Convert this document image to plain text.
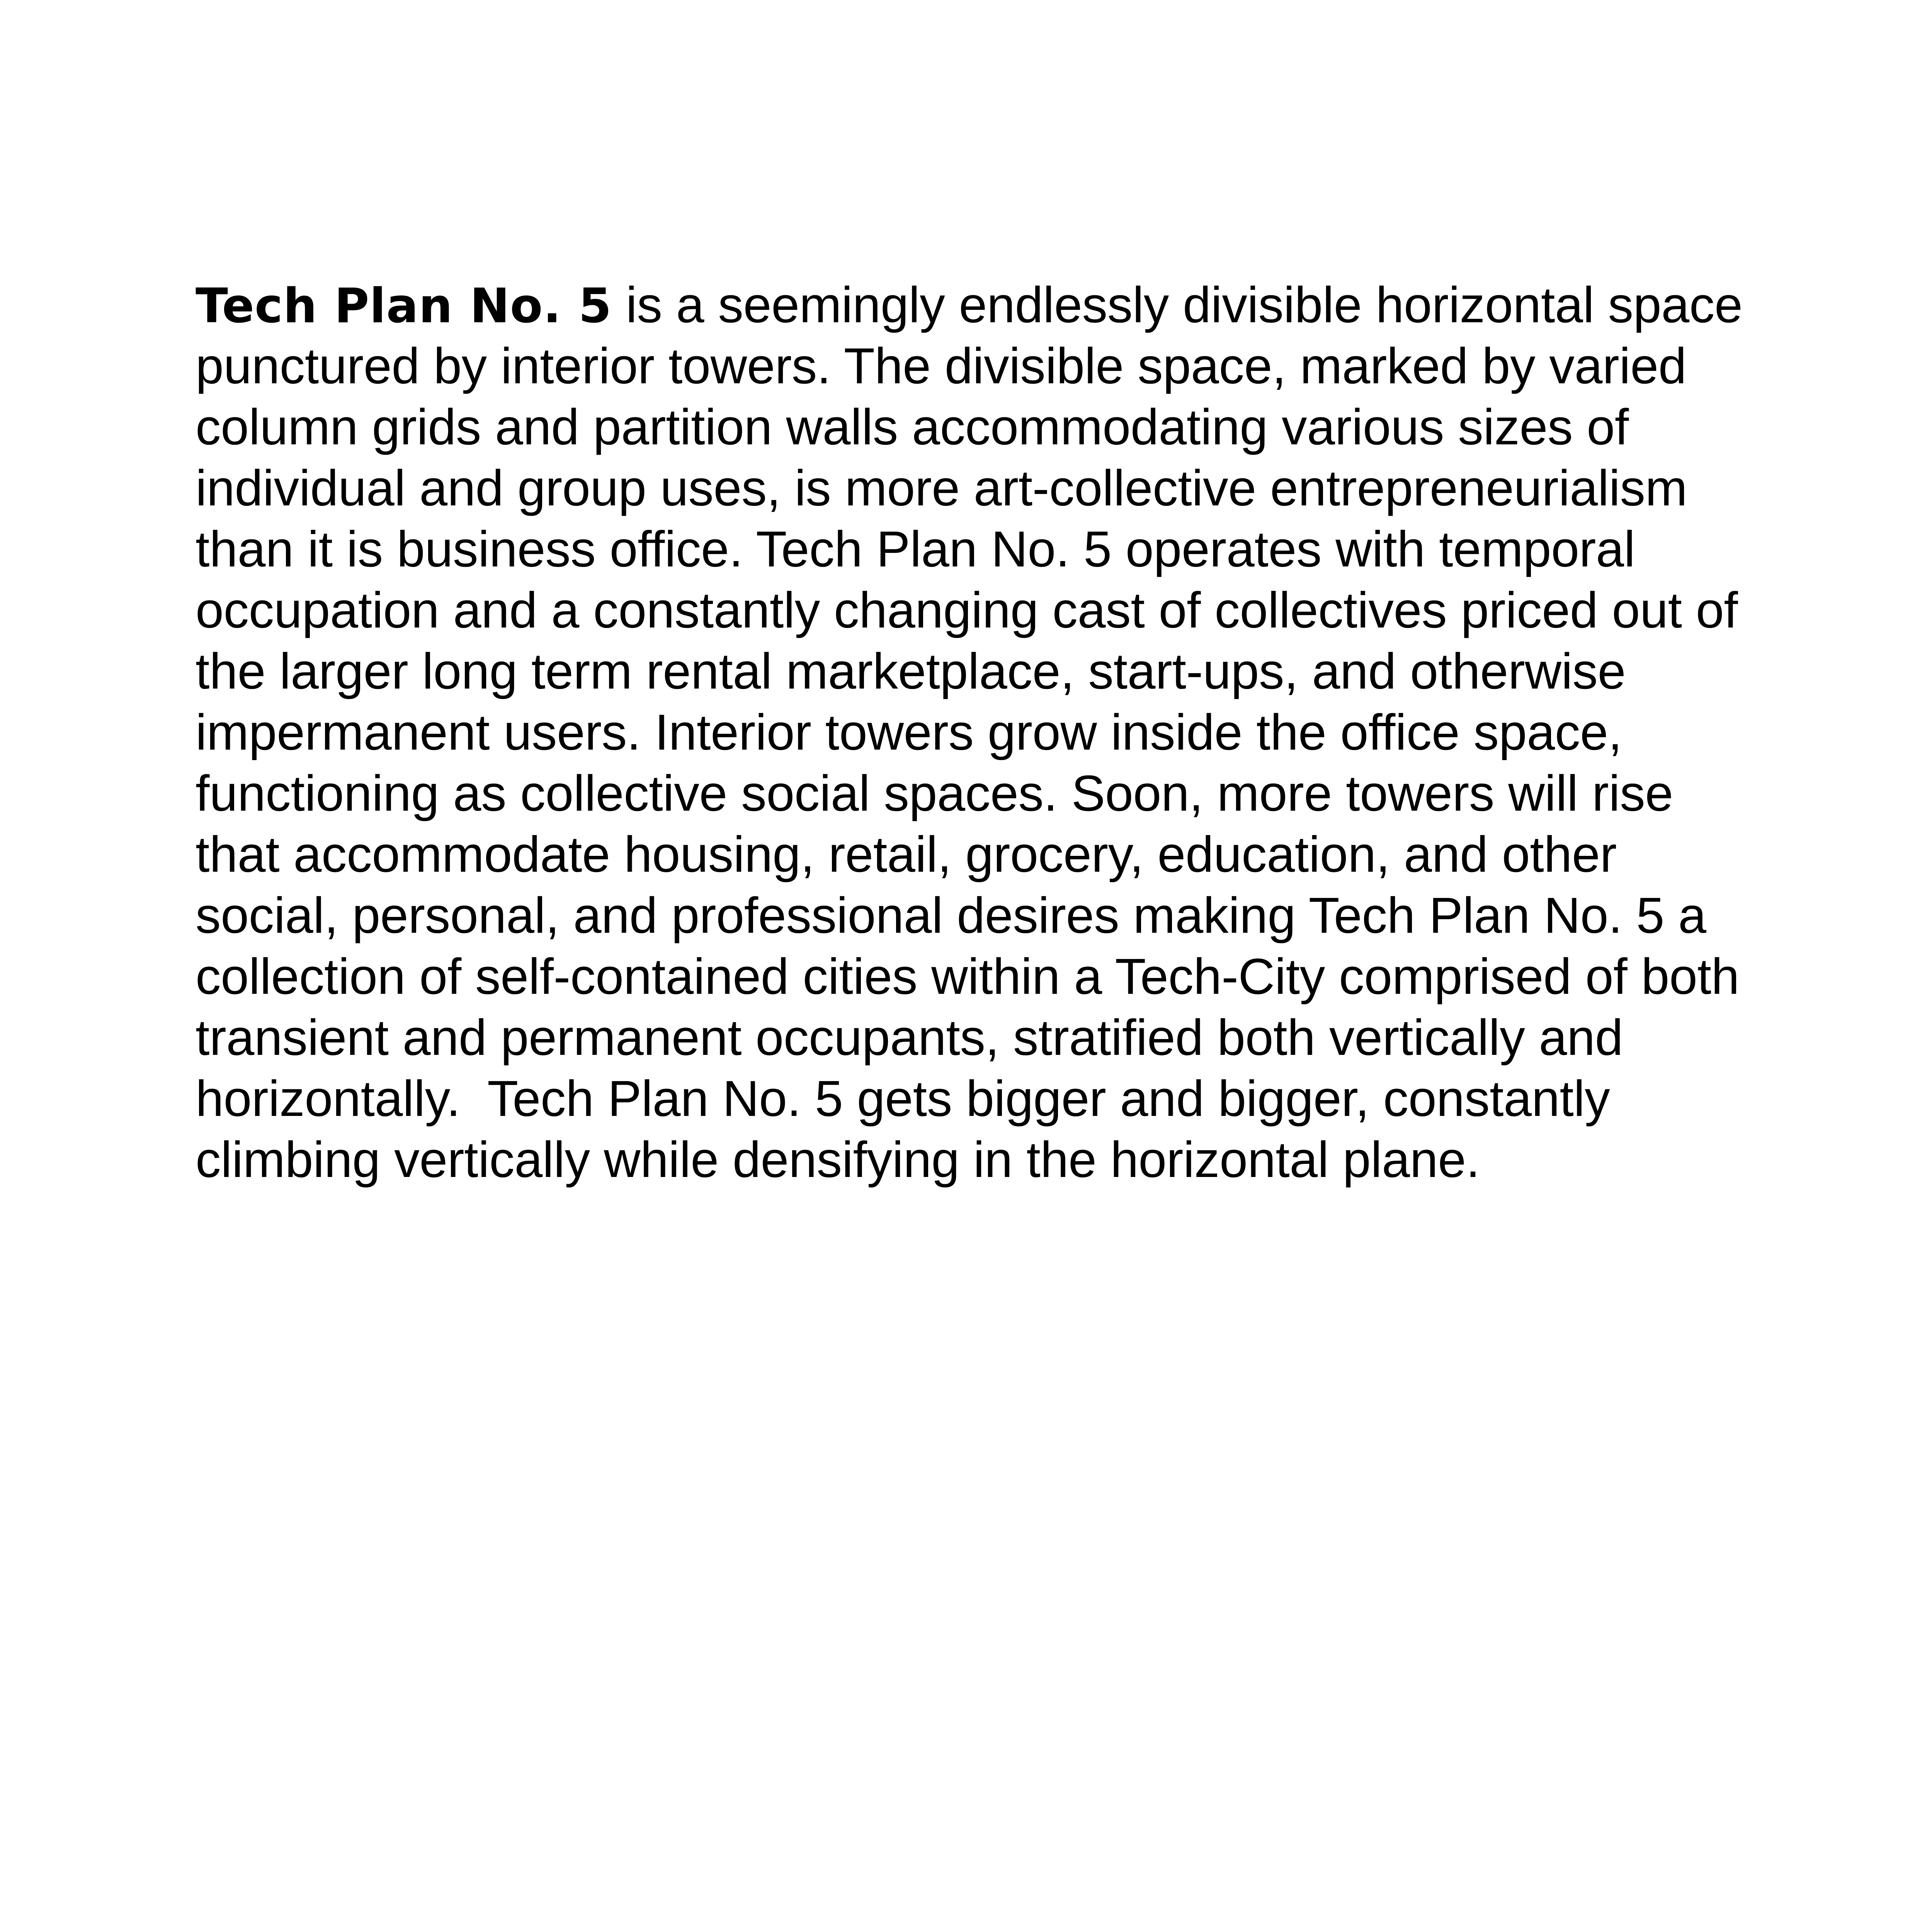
Tech Plan No. 5 is a seemingly endlessly divisible horizontal space
punctured by interior towers. The divisible space, marked by varied
column grids and partition walls accommodating various sizes of
individual and group uses, is more art-collective entrepreneurialism
than it is business office. Tech Plan No. 5 operates with temporal
occupation and a constantly changing cast of collectives priced out of
the larger long term rental marketplace, start-ups, and otherwise
impermanent users. Interior towers grow inside the office space,
functioning as collective social spaces. Soon, more towers will rise
that accommodate housing, retail, grocery, education, and other
social, personal, and professional desires making Tech Plan No. 5 a
collection of self-contained cities within a Tech-City comprised of both
transient and permanent occupants, stratified both vertically and
horizontally.  Tech Plan No. 5 gets bigger and bigger, constantly
climbing vertically while densifying in the horizontal plane.
